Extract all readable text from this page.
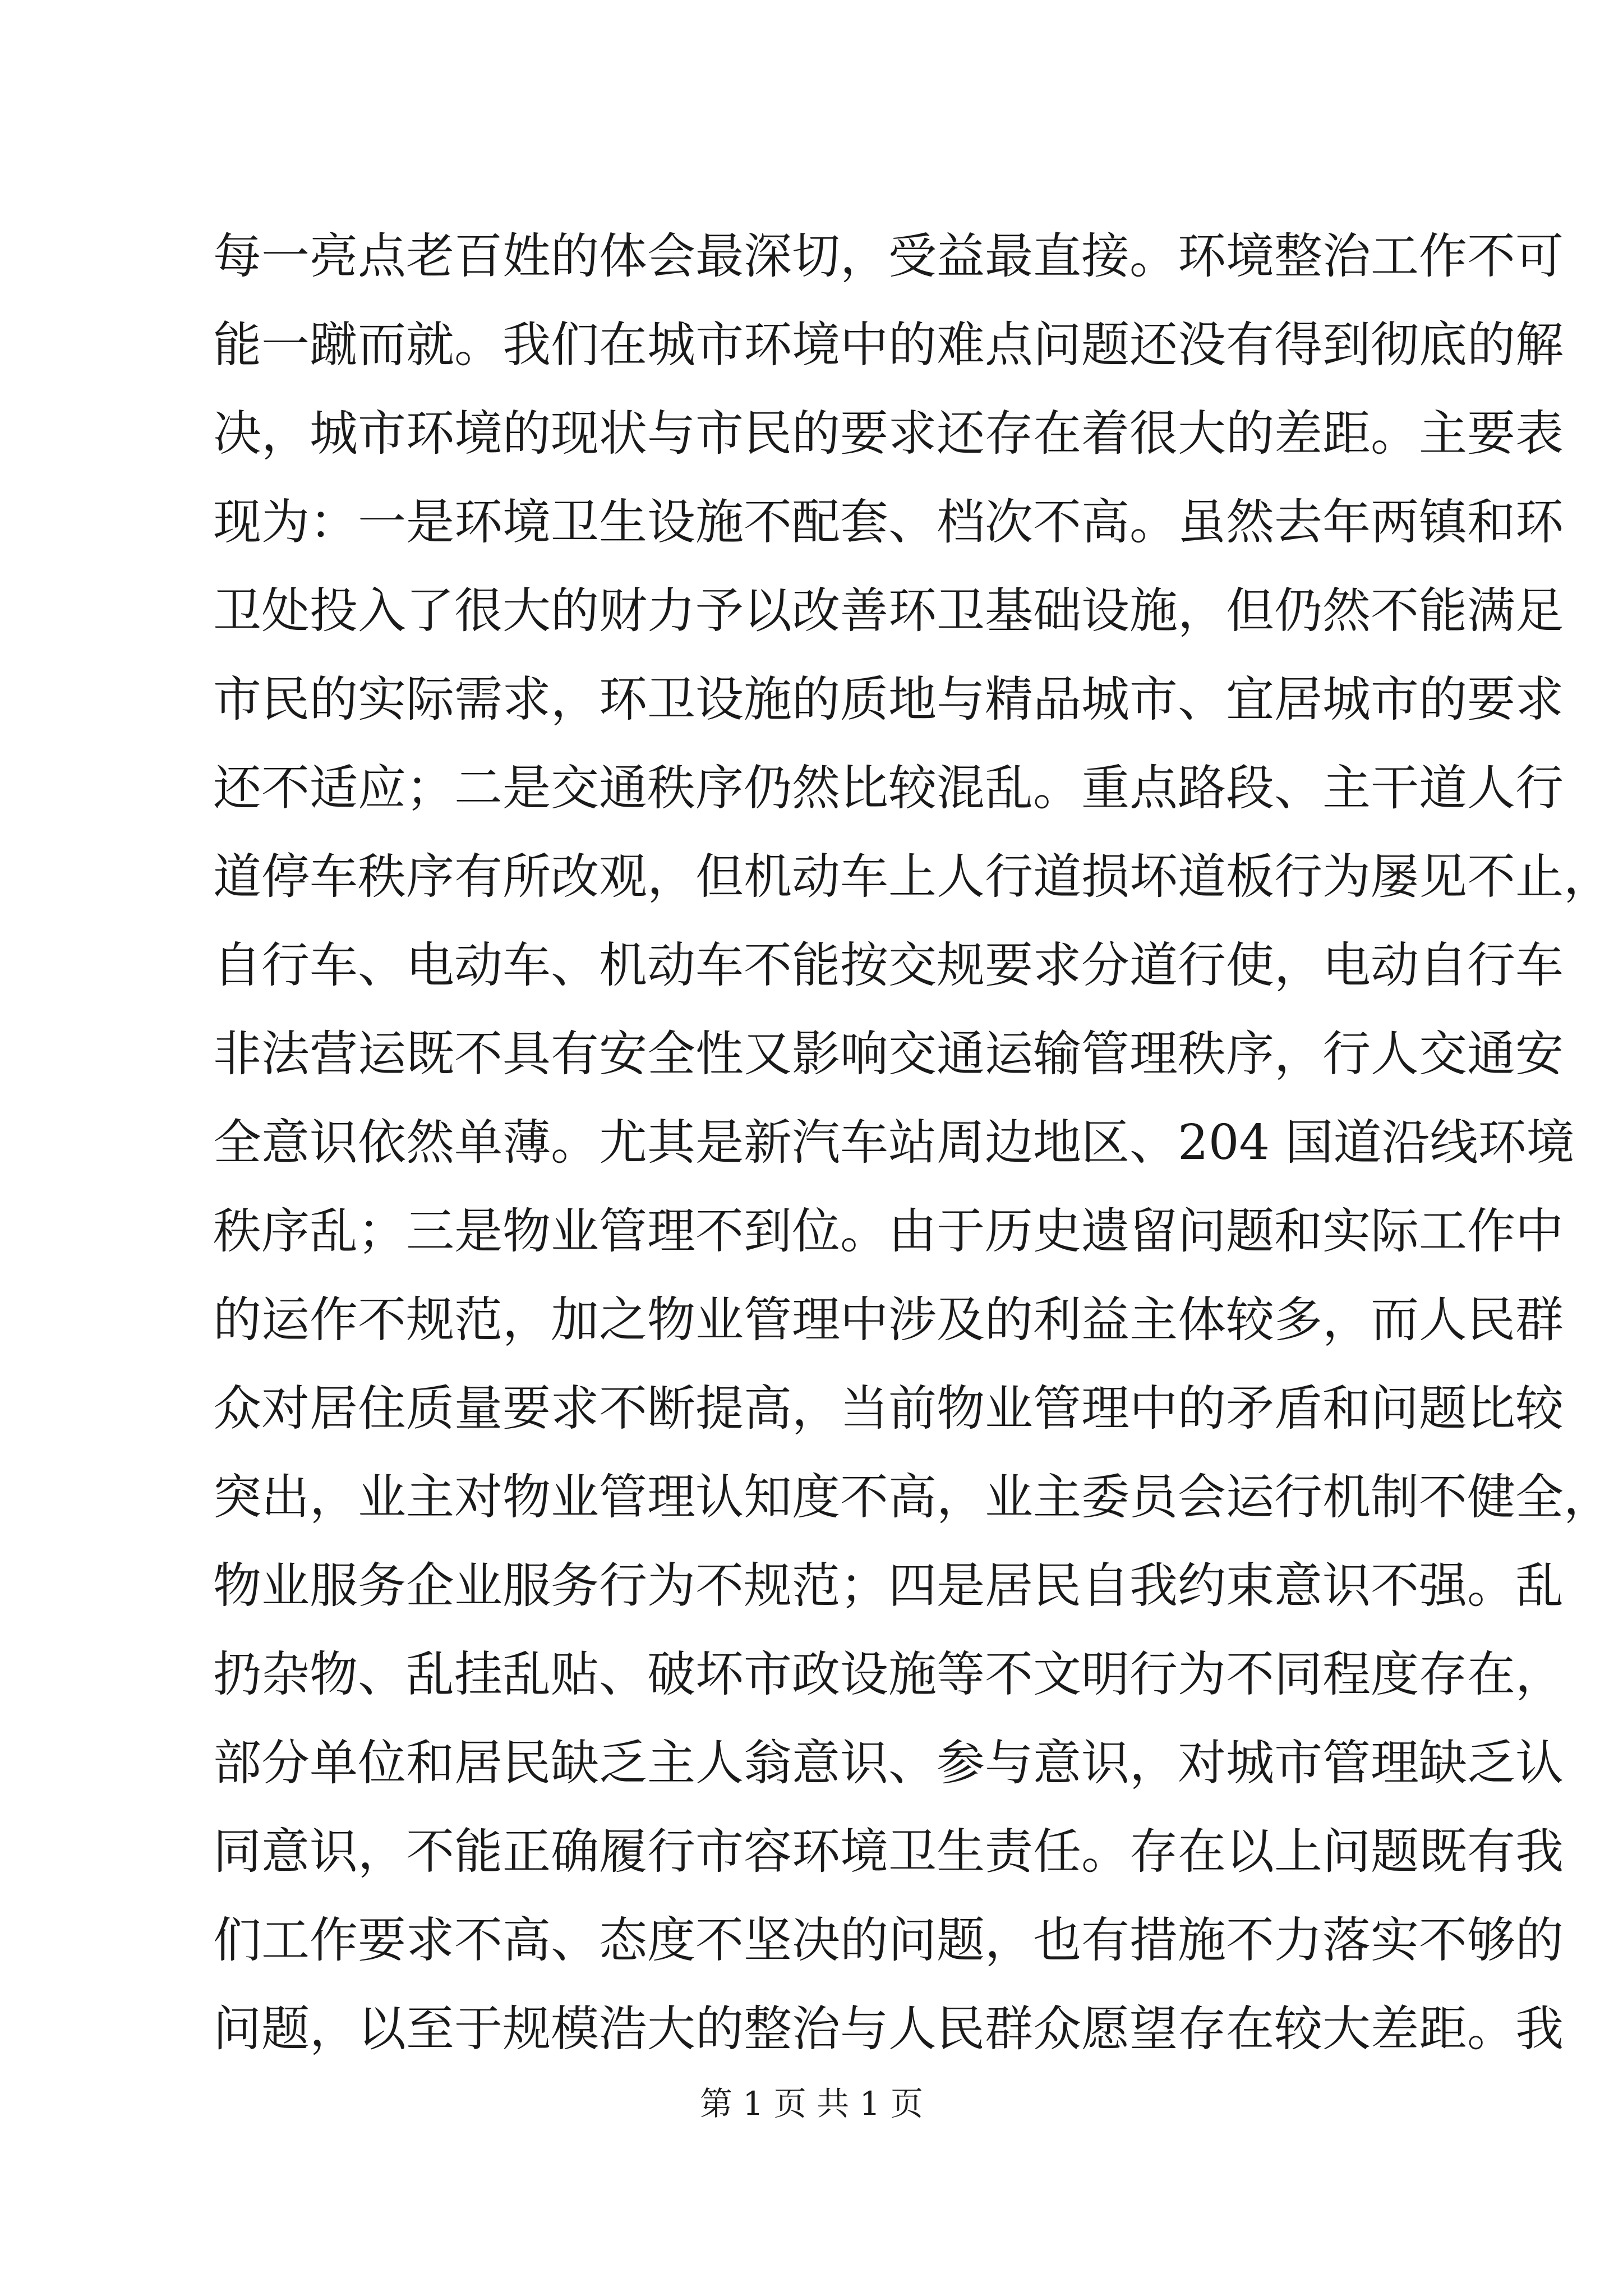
每一亮点老百姓的体会最深切，受益最直接。环境整治工作不可
能一蹴而就。我们在城市环境中的难点问题还没有得到彻底的解
决，城市环境的现状与市民的要求还存在着很大的差距。主要表
现为：一是环境卫生设施不配套、档次不高。虽然去年两镇和环
卫处投入了很大的财力予以改善环卫基础设施，但仍然不能满足
市民的实际需求，环卫设施的质地与精品城市、宜居城市的要求
还不适应；二是交通秩序仍然比较混乱。重点路段、主干道人行
道停车秩序有所改观，但机动车上人行道损坏道板行为屡见不止，
自行车、电动车、机动车不能按交规要求分道行使，电动自行车
非法营运既不具有安全性又影响交通运输管理秩序，行人交通安
全意识依然单薄。尤其是新汽车站周边地区、204 国道沿线环境
秩序乱；三是物业管理不到位。由于历史遗留问题和实际工作中
的运作不规范，加之物业管理中涉及的利益主体较多，而人民群
众对居住质量要求不断提高，当前物业管理中的矛盾和问题比较
突出，业主对物业管理认知度不高，业主委员会运行机制不健全，
物业服务企业服务行为不规范；四是居民自我约束意识不强。乱
扔杂物、乱挂乱贴、破坏市政设施等不文明行为不同程度存在，
部分单位和居民缺乏主人翁意识、参与意识，对城市管理缺乏认
同意识，不能正确履行市容环境卫生责任。存在以上问题既有我
们工作要求不高、态度不坚决的问题，也有措施不力落实不够的
问题，以至于规模浩大的整治与人民群众愿望存在较大差距。我
第 1 页 共 1 页
